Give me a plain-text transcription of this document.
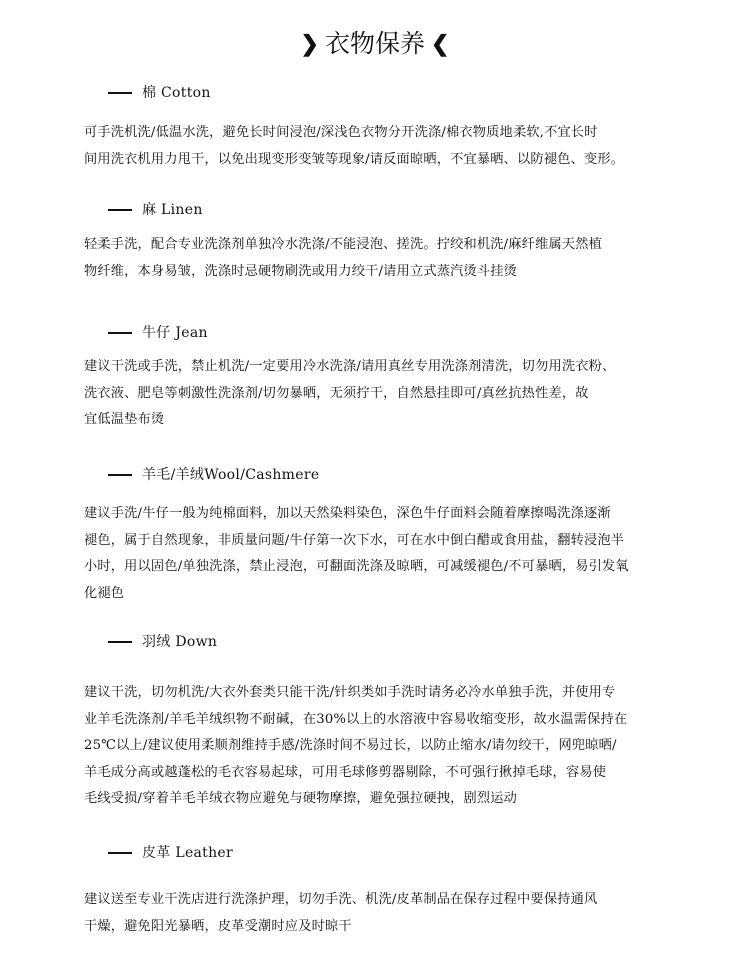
❯ 衣物保养 ❮
棉 Cotton
可手洗机洗/低温水洗，避免长时间浸泡/深浅色衣物分开洗涤/棉衣物质地柔软,不宜长时
间用洗衣机用力甩干，以免出现变形变皱等现象/请反面晾晒，不宜暴晒、以防褪色、变形。
麻 Linen
轻柔手洗，配合专业洗涤剂单独冷水洗涤/不能浸泡、搓洗。拧绞和机洗/麻纤维属天然植
物纤维，本身易皱，洗涤时忌硬物刷洗或用力绞干/请用立式蒸汽烫斗挂烫
牛仔 Jean
建议干洗或手洗，禁止机洗/一定要用冷水洗涤/请用真丝专用洗涤剂清洗，切勿用洗衣粉、
洗衣液、肥皂等刺激性洗涤剂/切勿暴晒，无须拧干，自然悬挂即可/真丝抗热性差，故
宜低温垫布烫
羊毛/羊绒Wool/Cashmere
建议手洗/牛仔一般为纯棉面料，加以天然染料染色，深色牛仔面料会随着摩擦喝洗涤逐渐
褪色，属于自然现象，非质量问题/牛仔第一次下水，可在水中倒白醋或食用盐，翻转浸泡半
小时，用以固色/单独洗涤，禁止浸泡，可翻面洗涤及晾晒，可减缓褪色/不可暴晒，易引发氧
化褪色
羽绒 Down
建议干洗，切勿机洗/大衣外套类只能干洗/针织类如手洗时请务必冷水单独手洗，并使用专
业羊毛洗涤剂/羊毛羊绒织物不耐碱，在30%以上的水溶液中容易收缩变形，故水温需保持在
25℃以上/建议使用柔顺剂维持手感/洗涤时间不易过长，以防止缩水/请勿绞干，网兜晾晒/
羊毛成分高或越蓬松的毛衣容易起球，可用毛球修剪器剔除，不可强行揪掉毛球，容易使
毛线受损/穿着羊毛羊绒衣物应避免与硬物摩擦，避免强拉硬拽，剧烈运动
皮革 Leather
建议送至专业干洗店进行洗涤护理，切勿手洗、机洗/皮革制品在保存过程中要保持通风
干燥，避免阳光暴晒，皮革受潮时应及时晾干
